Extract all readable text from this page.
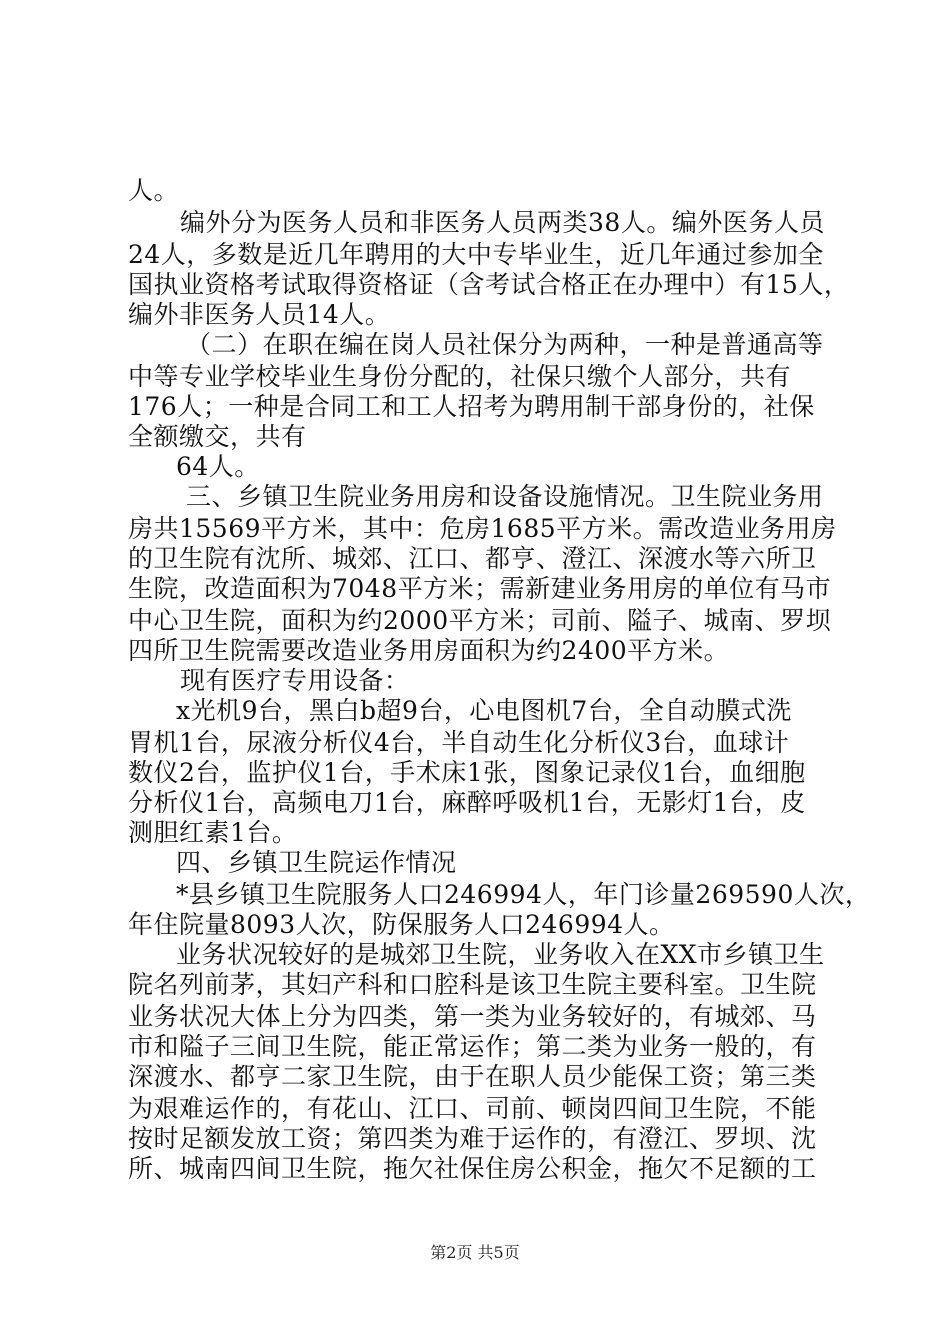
人。
编外分为医务人员和非医务人员两类38人。编外医务人员
24人，多数是近几年聘用的大中专毕业生，近几年通过参加全
国执业资格考试取得资格证（含考试合格正在办理中）有15人，
编外非医务人员14人。
（二）在职在编在岗人员社保分为两种，一种是普通高等
中等专业学校毕业生身份分配的，社保只缴个人部分，共有
176人；一种是合同工和工人招考为聘用制干部身份的，社保
全额缴交，共有
64人。
三、乡镇卫生院业务用房和设备设施情况。卫生院业务用
房共15569平方米，其中：危房1685平方米。需改造业务用房
的卫生院有沈所、城郊、江口、都亨、澄江、深渡水等六所卫
生院，改造面积为7048平方米；需新建业务用房的单位有马市
中心卫生院，面积为约2000平方米；司前、隘子、城南、罗坝
四所卫生院需要改造业务用房面积为约2400平方米。
现有医疗专用设备：
x光机9台，黑白b超9台，心电图机7台，全自动膜式洗
胃机1台，尿液分析仪4台，半自动生化分析仪3台，血球计
数仪2台，监护仪1台，手术床1张，图象记录仪1台，血细胞
分析仪1台，高频电刀1台，麻醉呼吸机1台，无影灯1台，皮
测胆红素1台。
四、乡镇卫生院运作情况
*县乡镇卫生院服务人口246994人，年门诊量269590人次，
年住院量8093人次，防保服务人口246994人。
业务状况较好的是城郊卫生院，业务收入在XX市乡镇卫生
院名列前茅，其妇产科和口腔科是该卫生院主要科室。卫生院
业务状况大体上分为四类，第一类为业务较好的，有城郊、马
市和隘子三间卫生院，能正常运作；第二类为业务一般的，有
深渡水、都亨二家卫生院，由于在职人员少能保工资；第三类
为艰难运作的，有花山、江口、司前、顿岗四间卫生院，不能
按时足额发放工资；第四类为难于运作的，有澄江、罗坝、沈
所、城南四间卫生院，拖欠社保住房公积金，拖欠不足额的工
第2页 共5页
